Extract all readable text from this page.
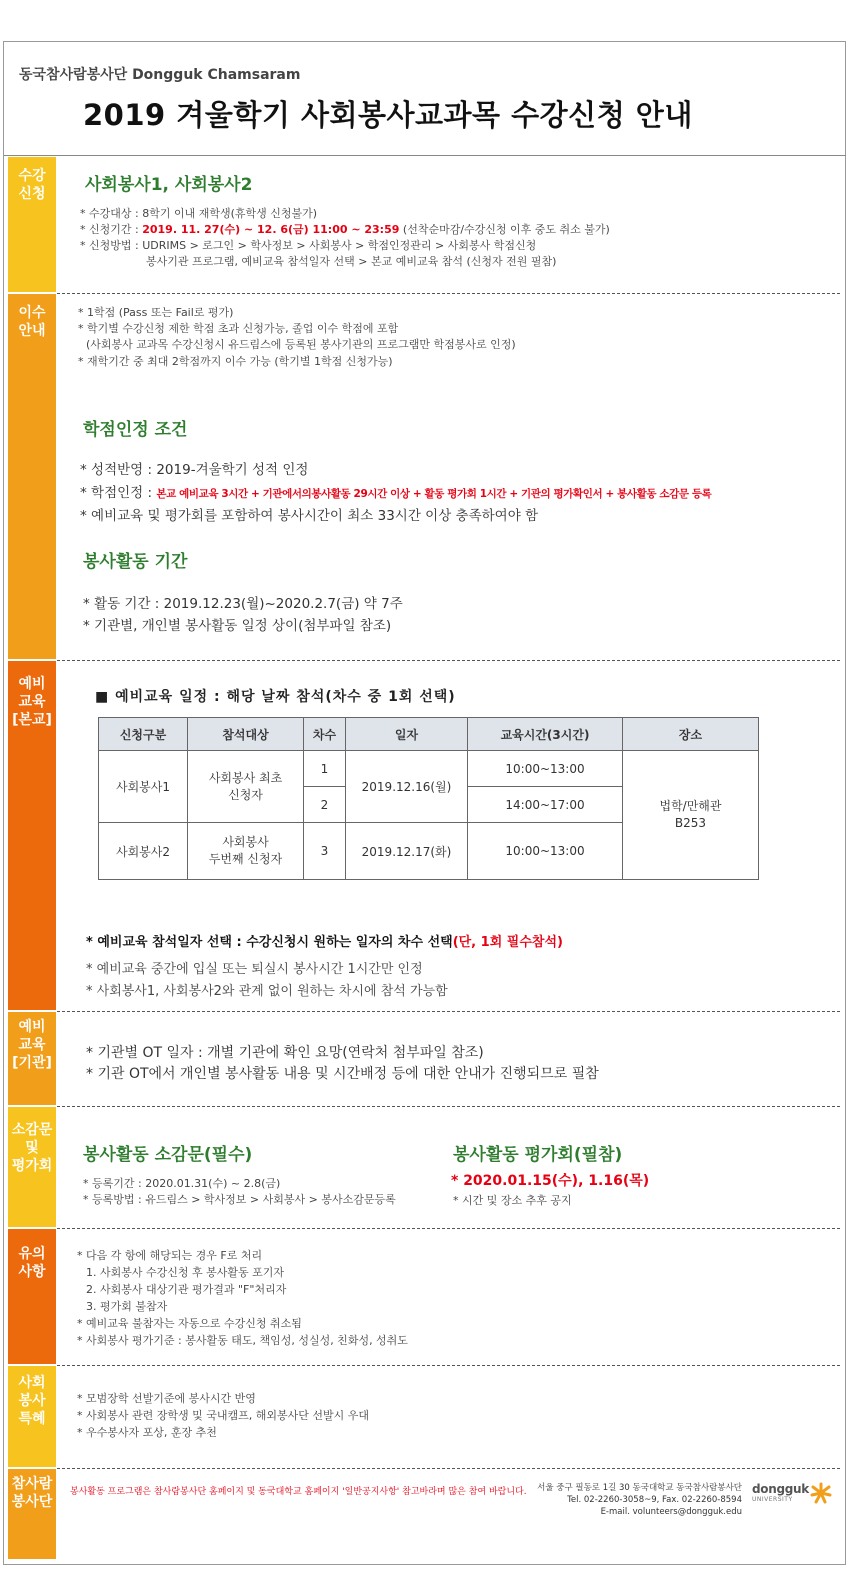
동국참사람봉사단 Dongguk Chamsaram
2019 겨울학기 사회봉사교과목 수강신청 안내
수강
신청
이수
안내
예비
교육
[본교]
예비
교육
[기관]
소감문
및
평가회
유의
사항
사회
봉사
특혜
참사람
봉사단
사회봉사1, 사회봉사2
* 수강대상 : 8학기 이내 재학생(휴학생 신청불가)
* 신청기간 : 2019. 11. 27(수) ~ 12. 6(금) 11:00 ~ 23:59 (선착순마감/수강신청 이후 중도 취소 불가)
* 신청방법 : UDRIMS > 로그인 > 학사정보 > 사회봉사 > 학점인정관리 > 사회봉사 학점신청
봉사기관 프로그램, 예비교육 참석일자 선택 > 본교 예비교육 참석 (신청자 전원 필참)
* 1학점 (Pass 또는 Fail로 평가)
* 학기별 수강신청 제한 학점 초과 신청가능, 졸업 이수 학점에 포함
(사회봉사 교과목 수강신청시 유드림스에 등록된 봉사기관의 프로그램만 학점봉사로 인정)
* 재학기간 중 최대 2학점까지 이수 가능 (학기별 1학점 신청가능)
학점인정 조건
* 성적반영 : 2019-겨울학기 성적 인정
* 학점인정 : 본교 예비교육 3시간 + 기관에서의봉사활동 29시간 이상 + 활동 평가회 1시간 + 기관의 평가확인서 + 봉사활동 소감문 등록
* 예비교육 및 평가회를 포함하여 봉사시간이 최소 33시간 이상 충족하여야 함
봉사활동 기간
* 활동 기간 : 2019.12.23(월)~2020.2.7(금) 약 7주
* 기관별, 개인별 봉사활동 일정 상이(첨부파일 참조)
■ 예비교육 일정 : 해당 날짜 참석(차수 중 1회 선택)
신청구분	참석대상	차수	일자	교육시간(3시간)	장소
사회봉사1	사회봉사 최초
신청자	1	2019.12.16(월)	10:00~13:00	법학/만해관
B253
		2		14:00~17:00	
사회봉사2	사회봉사
두번째 신청자	3	2019.12.17(화)	10:00~13:00	
* 예비교육 참석일자 선택 : 수강신청시 원하는 일자의 차수 선택(단, 1회 필수참석)
* 예비교육 중간에 입실 또는 퇴실시 봉사시간 1시간만 인정
* 사회봉사1, 사회봉사2와 관계 없이 원하는 차시에 참석 가능함
* 기관별 OT 일자 : 개별 기관에 확인 요망(연락처 첨부파일 참조)
* 기관 OT에서 개인별 봉사활동 내용 및 시간배정 등에 대한 안내가 진행되므로 필참
봉사활동 소감문(필수)
* 등록기간 : 2020.01.31(수) ~ 2.8(금)
* 등록방법 : 유드림스 > 학사정보 > 사회봉사 > 봉사소감문등록
봉사활동 평가회(필참)
* 2020.01.15(수), 1.16(목)
* 시간 및 장소 추후 공지
* 다음 각 항에 해당되는 경우 F로 처리
1. 사회봉사 수강신청 후 봉사활동 포기자
2. 사회봉사 대상기관 평가결과 "F"처리자
3. 평가회 불참자
* 예비교육 불참자는 자동으로 수강신청 취소됨
* 사회봉사 평가기준 : 봉사활동 태도, 책임성, 성실성, 친화성, 성취도
* 모범장학 선발기준에 봉사시간 반영
* 사회봉사 관련 장학생 및 국내캠프, 해외봉사단 선발시 우대
* 우수봉사자 포상, 훈장 추천
봉사활동 프로그램은 참사람봉사단 홈페이지 및 동국대학교 홈페이지 '일반공지사항' 참고바라며 많은 참여 바랍니다.	서울 중구 필동로 1길 30 동국대학교 동국참사람봉사단
Tel. 02-2260-3058~9, Fax. 02-2260-8594
E-mail. volunteers@dongguk.edu
dongguk
UNIVERSITY
